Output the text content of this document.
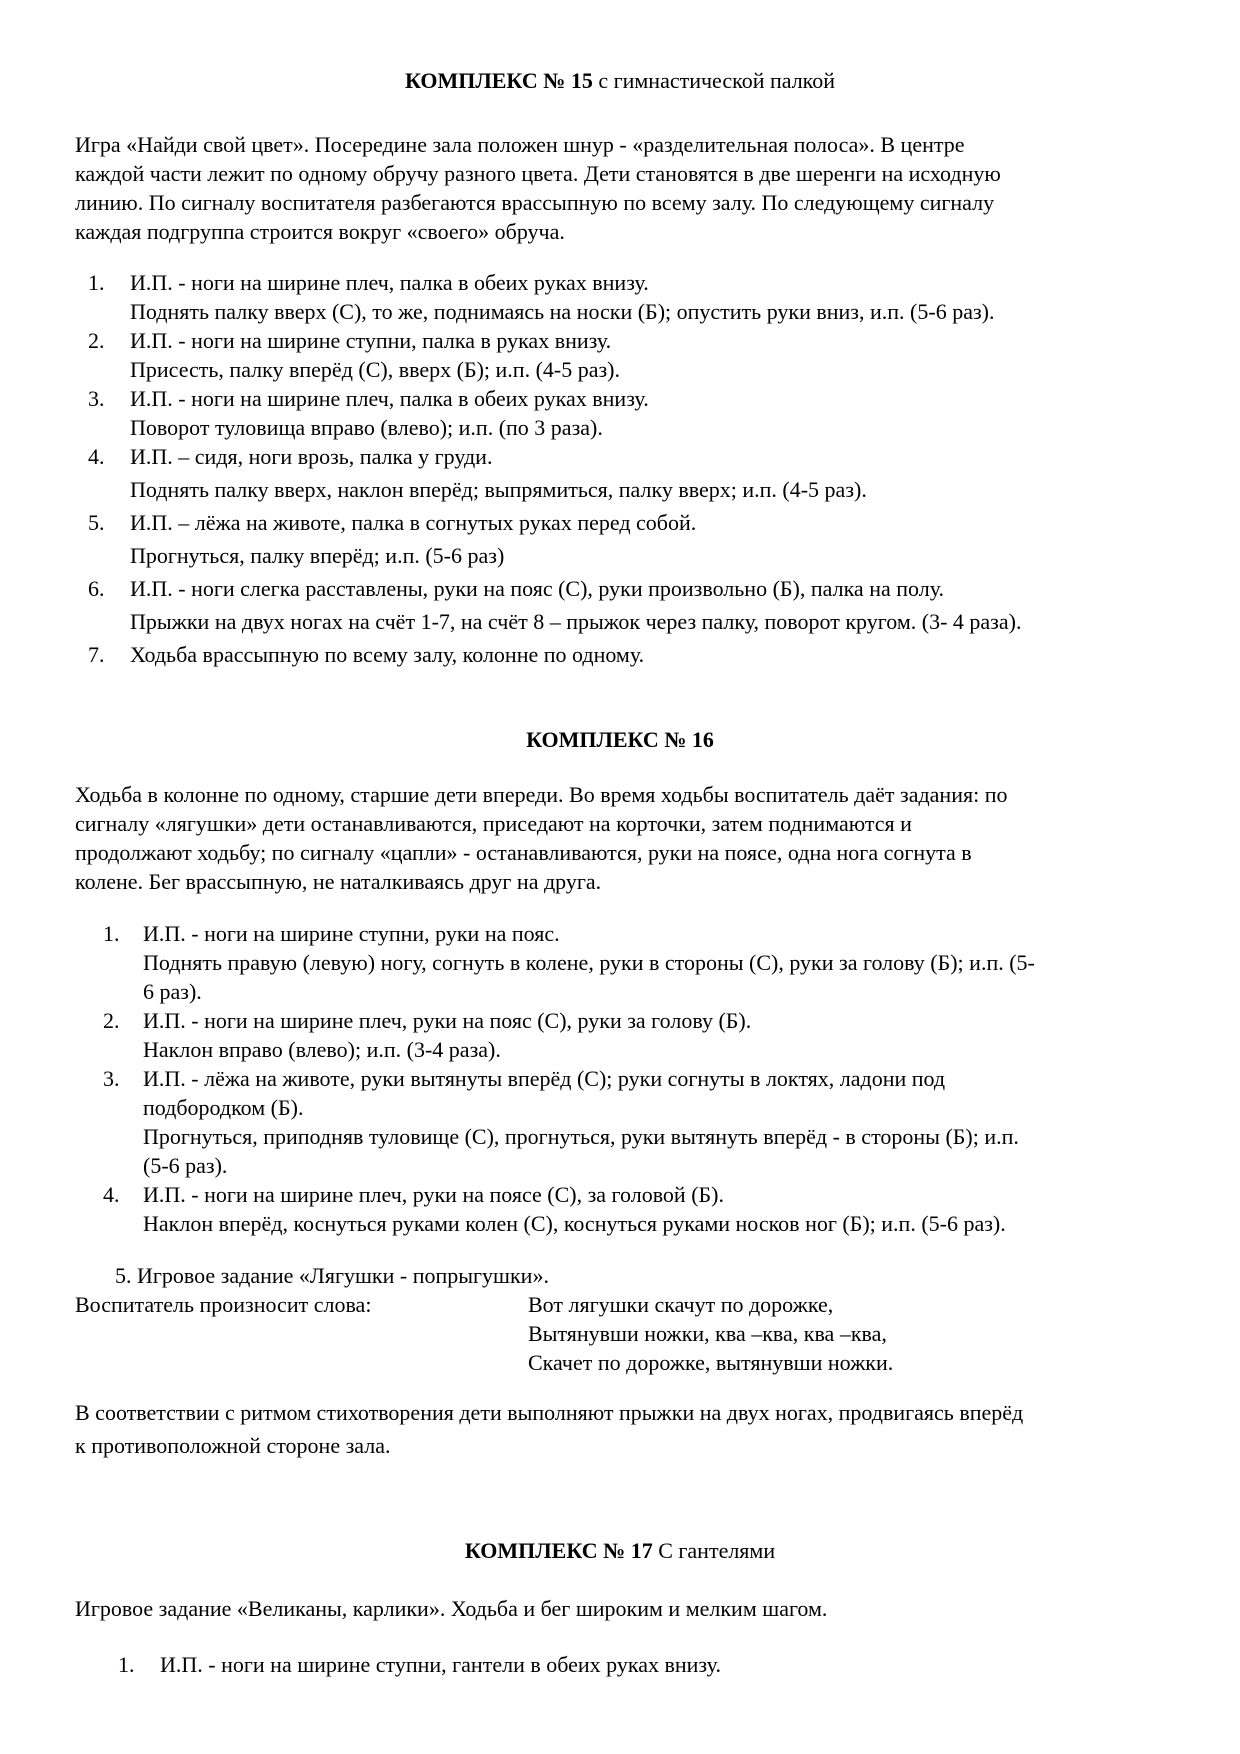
КОМПЛЕКС № 15 с гимнастической палкой
Игра «Найди свой цвет». Посередине зала положен шнур - «разделительная полоса». В центре
каждой части лежит по одному обручу разного цвета. Дети становятся в две шеренги на исходную
линию. По сигналу воспитателя разбегаются врассыпную по всему залу. По следующему сигналу
каждая подгруппа строится вокруг «своего» обруча.
1. И.П. - ноги на ширине плеч, палка в обеих руках внизу.
Поднять палку вверх (С), то же, поднимаясь на носки (Б); опустить руки вниз, и.п. (5-6 раз).
2. И.П. - ноги на ширине ступни, палка в руках внизу.
Присесть, палку вперёд (С), вверх (Б); и.п. (4-5 раз).
3. И.П. - ноги на ширине плеч, палка в обеих руках внизу.
Поворот туловища вправо (влево); и.п. (по 3 раза).
4. И.П. – сидя, ноги врозь, палка у груди.
Поднять палку вверх, наклон вперёд; выпрямиться, палку вверх; и.п. (4-5 раз).
5. И.П. – лёжа на животе, палка в согнутых руках перед собой.
Прогнуться, палку вперёд; и.п. (5-6 раз)
6. И.П. - ноги слегка расставлены, руки на пояс (С), руки произвольно (Б), палка на полу.
Прыжки на двух ногах на счёт 1-7, на счёт 8 – прыжок через палку, поворот кругом. (3- 4 раза).
7. Ходьба врассыпную по всему залу, колонне по одному.
КОМПЛЕКС № 16
Ходьба в колонне по одному, старшие дети впереди. Во время ходьбы воспитатель даёт задания: по
сигналу «лягушки» дети останавливаются, приседают на корточки, затем поднимаются и
продолжают ходьбу; по сигналу «цапли» - останавливаются, руки на поясе, одна нога согнута в
колене. Бег врассыпную, не наталкиваясь друг на друга.
1. И.П. - ноги на ширине ступни, руки на пояс.
Поднять правую (левую) ногу, согнуть в колене, руки в стороны (С), руки за голову (Б); и.п. (5-
6 раз).
2. И.П. - ноги на ширине плеч, руки на пояс (С), руки за голову (Б).
Наклон вправо (влево); и.п. (3-4 раза).
3. И.П. - лёжа на животе, руки вытянуты вперёд (С); руки согнуты в локтях, ладони под
подбородком (Б).
Прогнуться, приподняв туловище (С), прогнуться, руки вытянуть вперёд - в стороны (Б); и.п.
(5-6 раз).
4. И.П. - ноги на ширине плеч, руки на поясе (С), за головой (Б).
Наклон вперёд, коснуться руками колен (С), коснуться руками носков ног (Б); и.п. (5-6 раз).
5. Игровое задание «Лягушки - попрыгушки».
Воспитатель произносит слова:	Вот лягушки скачут по дорожке,
Вытянувши ножки, ква –ква, ква –ква,
Скачет по дорожке, вытянувши ножки.
В соответствии с ритмом стихотворения дети выполняют прыжки на двух ногах, продвигаясь вперёд
к противоположной стороне зала.
КОМПЛЕКС № 17 С гантелями
Игровое задание «Великаны, карлики». Ходьба и бег широким и мелким шагом.
1. И.П. - ноги на ширине ступни, гантели в обеих руках внизу.
